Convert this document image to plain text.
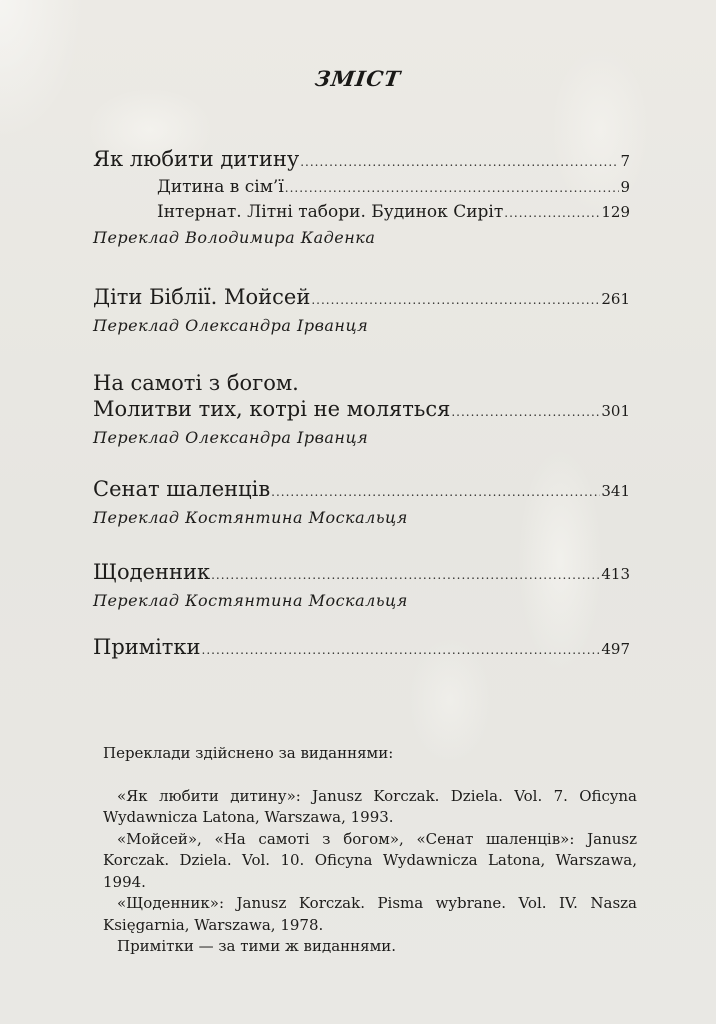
ЗМІСТ
Як любити дитину .....	7
Дитина в сім’ї .....	9
Інтернат. Літні табори. Будинок Сиріт .....	129
Переклад Володимира Каденка
Діти Біблії. Мойсей .....	261
Переклад Олександра Ірванця
На самоті з богом.
Молитви тих, котрі не моляться .....	301
Переклад Олександра Ірванця
Сенат шаленців .....	341
Переклад Костянтина Москальця
Щоденник .....	413
Переклад Костянтина Москальця
Примітки .....	497

Переклади здійснено за виданнями:

«Як любити дитину»: Janusz Korczak. Dziela. Vol. 7. Oficyna Wydawnicza Latona, Warszawa, 1993.

«Мойсей», «На самоті з богом», «Сенат шаленців»: Janusz Korczak. Dziela. Vol. 10. Oficyna Wydawnicza Latona, Warszawa, 1994.

«Щоденник»: Janusz Korczak. Pisma wybrane. Vol. IV. Nasza Księgarnia, Warszawa, 1978.

Примітки — за тими ж виданнями.
